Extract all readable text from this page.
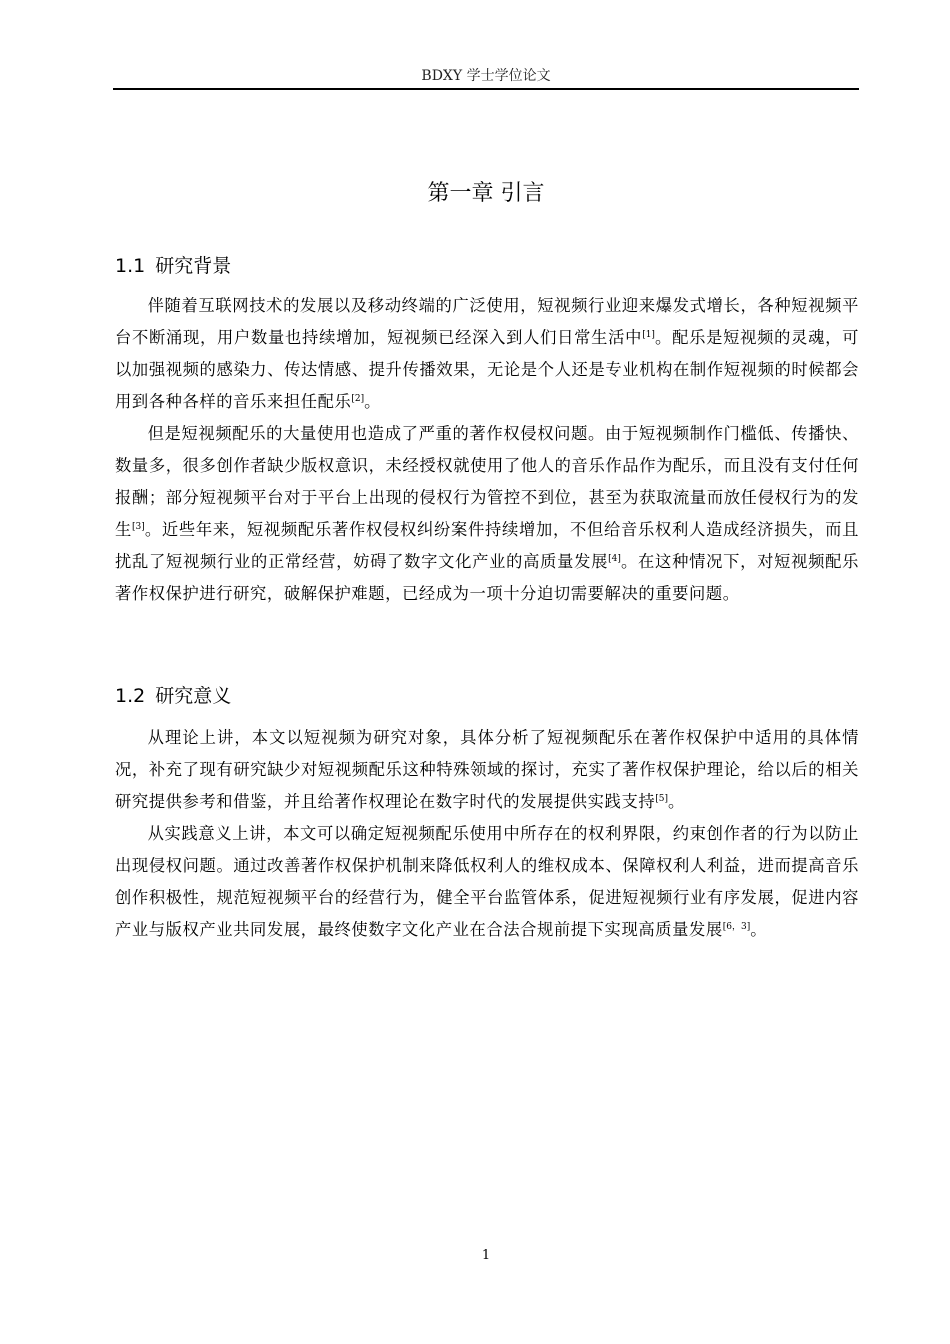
BDXY 学士学位论文
第一章 引言
1.1 研究背景

伴随着互联网技术的发展以及移动终端的广泛使用，短视频行业迎来爆发式增长，各种短视频平台不断涌现，用户数量也持续增加，短视频已经深入到人们日常生活中[1]。配乐是短视频的灵魂，可以加强视频的感染力、传达情感、提升传播效果，无论是个人还是专业机构在制作短视频的时候都会用到各种各样的音乐来担任配乐[2]。

但是短视频配乐的大量使用也造成了严重的著作权侵权问题。由于短视频制作门槛低、传播快、数量多，很多创作者缺少版权意识，未经授权就使用了他人的音乐作品作为配乐，而且没有支付任何报酬；部分短视频平台对于平台上出现的侵权行为管控不到位，甚至为获取流量而放任侵权行为的发生[3]。近些年来，短视频配乐著作权侵权纠纷案件持续增加，不但给音乐权利人造成经济损失，而且扰乱了短视频行业的正常经营，妨碍了数字文化产业的高质量发展[4]。在这种情况下，对短视频配乐著作权保护进行研究，破解保护难题，已经成为一项十分迫切需要解决的重要问题。

1.2 研究意义

从理论上讲，本文以短视频为研究对象，具体分析了短视频配乐在著作权保护中适用的具体情况，补充了现有研究缺少对短视频配乐这种特殊领域的探讨，充实了著作权保护理论，给以后的相关研究提供参考和借鉴，并且给著作权理论在数字时代的发展提供实践支持[5]。

从实践意义上讲，本文可以确定短视频配乐使用中所存在的权利界限，约束创作者的行为以防止出现侵权问题。通过改善著作权保护机制来降低权利人的维权成本、保障权利人利益，进而提高音乐创作积极性，规范短视频平台的经营行为，健全平台监管体系，促进短视频行业有序发展，促进内容产业与版权产业共同发展，最终使数字文化产业在合法合规前提下实现高质量发展[6，3]。

1
